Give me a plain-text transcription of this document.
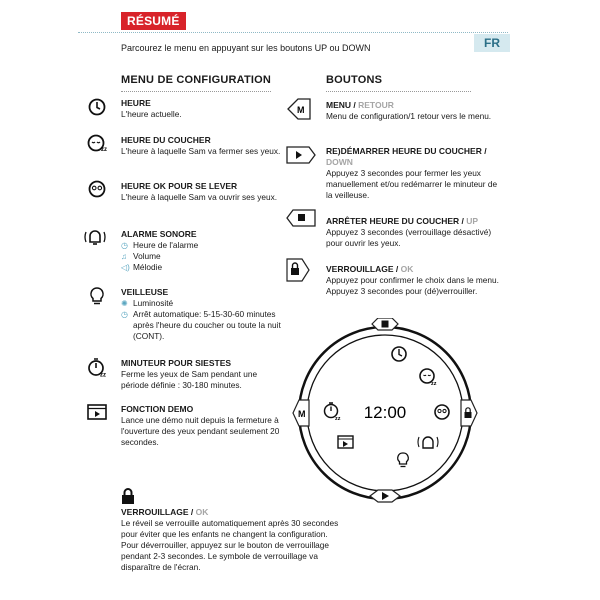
RÉSUMÉ
Parcourez le menu en appuyant sur les boutons UP ou DOWN	FR
MENU DE CONFIGURATION
HEURE
L'heure actuelle.
zz
HEURE DU COUCHER
L'heure à laquelle Sam va fermer ses yeux.
HEURE OK POUR SE LEVER
L'heure à laquelle Sam va ouvrir ses yeux.
ALARME SONORE
◷ Heure de l'alarme
♫ Volume
◁) Mélodie
VEILLEUSE
✺ Luminosité
◷ Arrêt automatique: 5-15-30-60 minutes après l'heure du coucher ou toute la nuit (CONT).
zz
MINUTEUR POUR SIESTES
Ferme les yeux de Sam pendant une période définie : 30-180 minutes.
FONCTION DEMO
Lance une démo nuit depuis la fermeture à l'ouverture des yeux pendant seulement 20 secondes.
BOUTONS
M	MENU / RETOUR
Menu de configuration/1 retour vers le menu.
RE)DÉMARRER HEURE DU COUCHER / DOWN
Appuyez 3 secondes pour fermer les yeux manuellement et/ou redémarrer le minuteur de la veilleuse.
ARRÊTER HEURE DU COUCHER / UP
Appuyez 3 secondes (verrouillage désactivé) pour ouvrir les yeux.
VERROUILLAGE / OK
Appuyez pour confirmer le choix dans le menu. Appuyez 3 secondes pour (dé)verrouiller.
M	12:00
zz
zz
VERROUILLAGE / OK
Le réveil se verrouille automatiquement après 30 secondes pour éviter que les enfants ne changent la configuration. Pour déverrouiller, appuyez sur le bouton de verrouillage pendant 2-3 secondes. Le symbole de verrouillage va disparaître de l'écran.
